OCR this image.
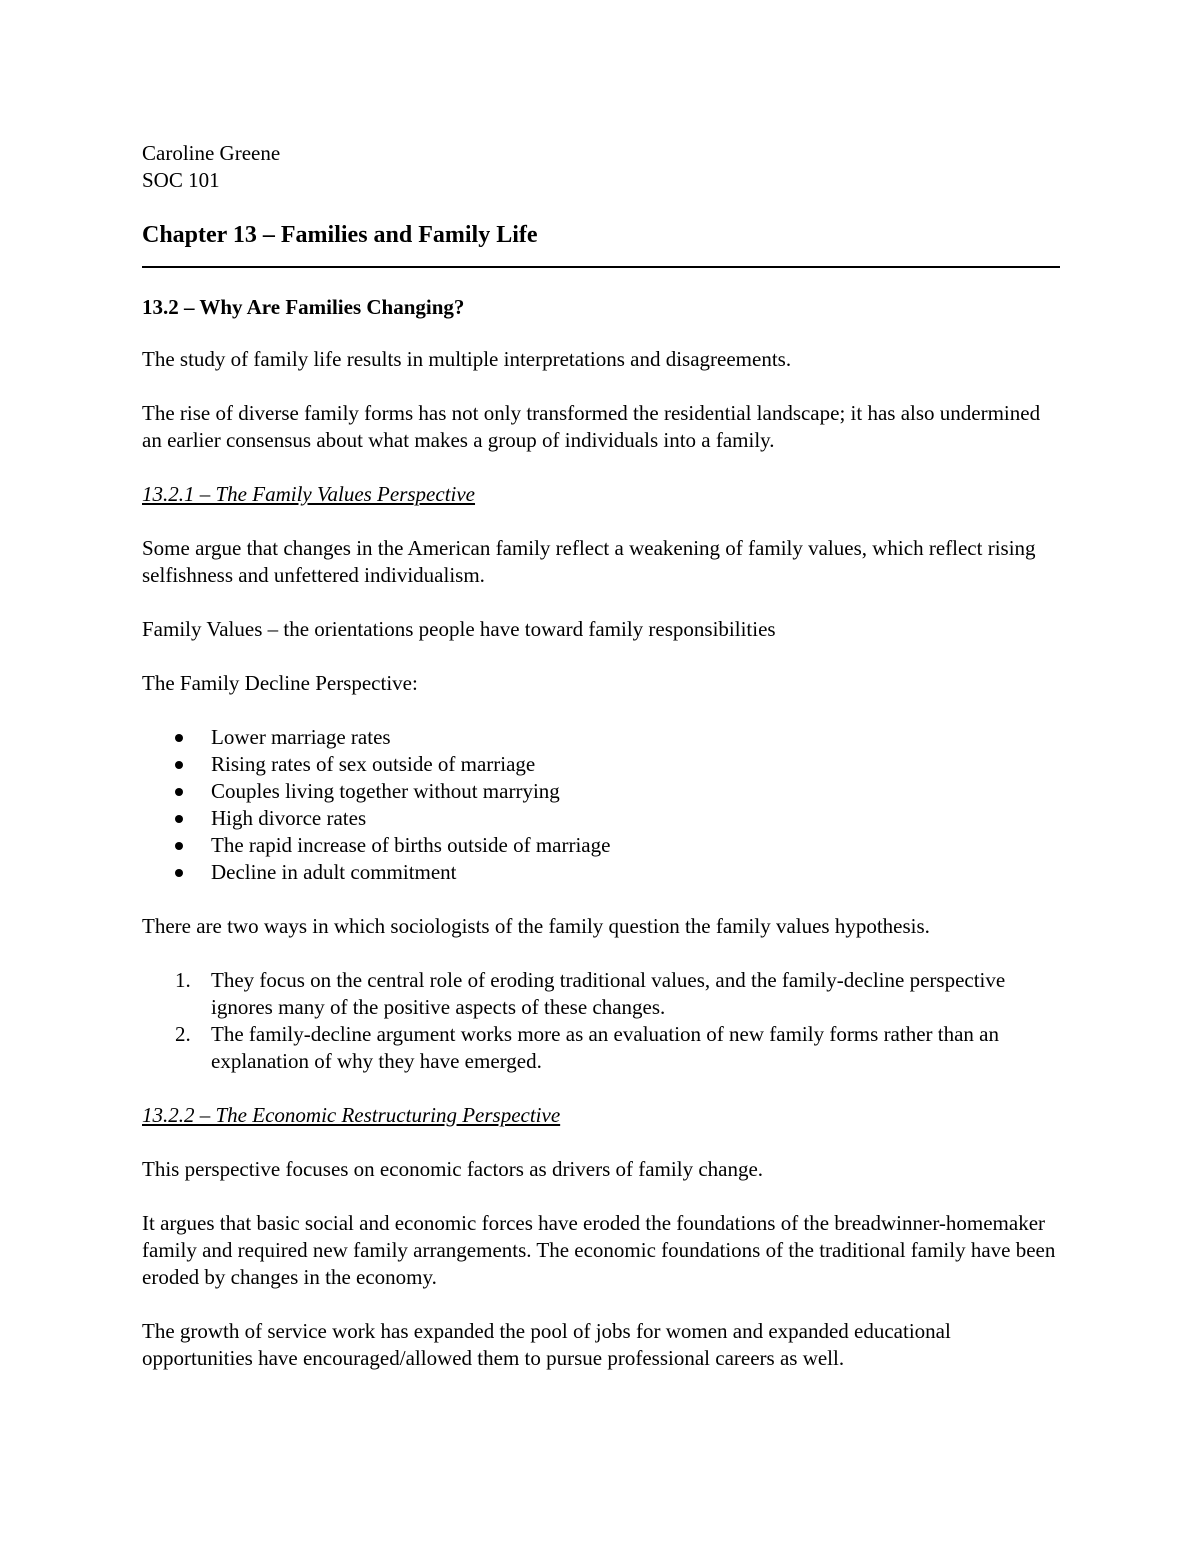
Caroline Greene
SOC 101
Chapter 13 – Families and Family Life
13.2 – Why Are Families Changing?

The study of family life results in multiple interpretations and disagreements.

The rise of diverse family forms has not only transformed the residential landscape; it has also undermined an earlier consensus about what makes a group of individuals into a family.

13.2.1 – The Family Values Perspective

Some argue that changes in the American family reflect a weakening of family values, which reflect rising selfishness and unfettered individualism.

Family Values – the orientations people have toward family responsibilities

The Family Decline Perspective:

Lower marriage rates
Rising rates of sex outside of marriage
Couples living together without marrying
High divorce rates
The rapid increase of births outside of marriage
Decline in adult commitment

There are two ways in which sociologists of the family question the family values hypothesis.

1. They focus on the central role of eroding traditional values, and the family-decline perspective ignores many of the positive aspects of these changes.
2. The family-decline argument works more as an evaluation of new family forms rather than an explanation of why they have emerged.
13.2.2 – The Economic Restructuring Perspective

This perspective focuses on economic factors as drivers of family change.

It argues that basic social and economic forces have eroded the foundations of the breadwinner-homemaker family and required new family arrangements. The economic foundations of the traditional family have been eroded by changes in the economy.

The growth of service work has expanded the pool of jobs for women and expanded educational opportunities have encouraged/allowed them to pursue professional careers as well.
